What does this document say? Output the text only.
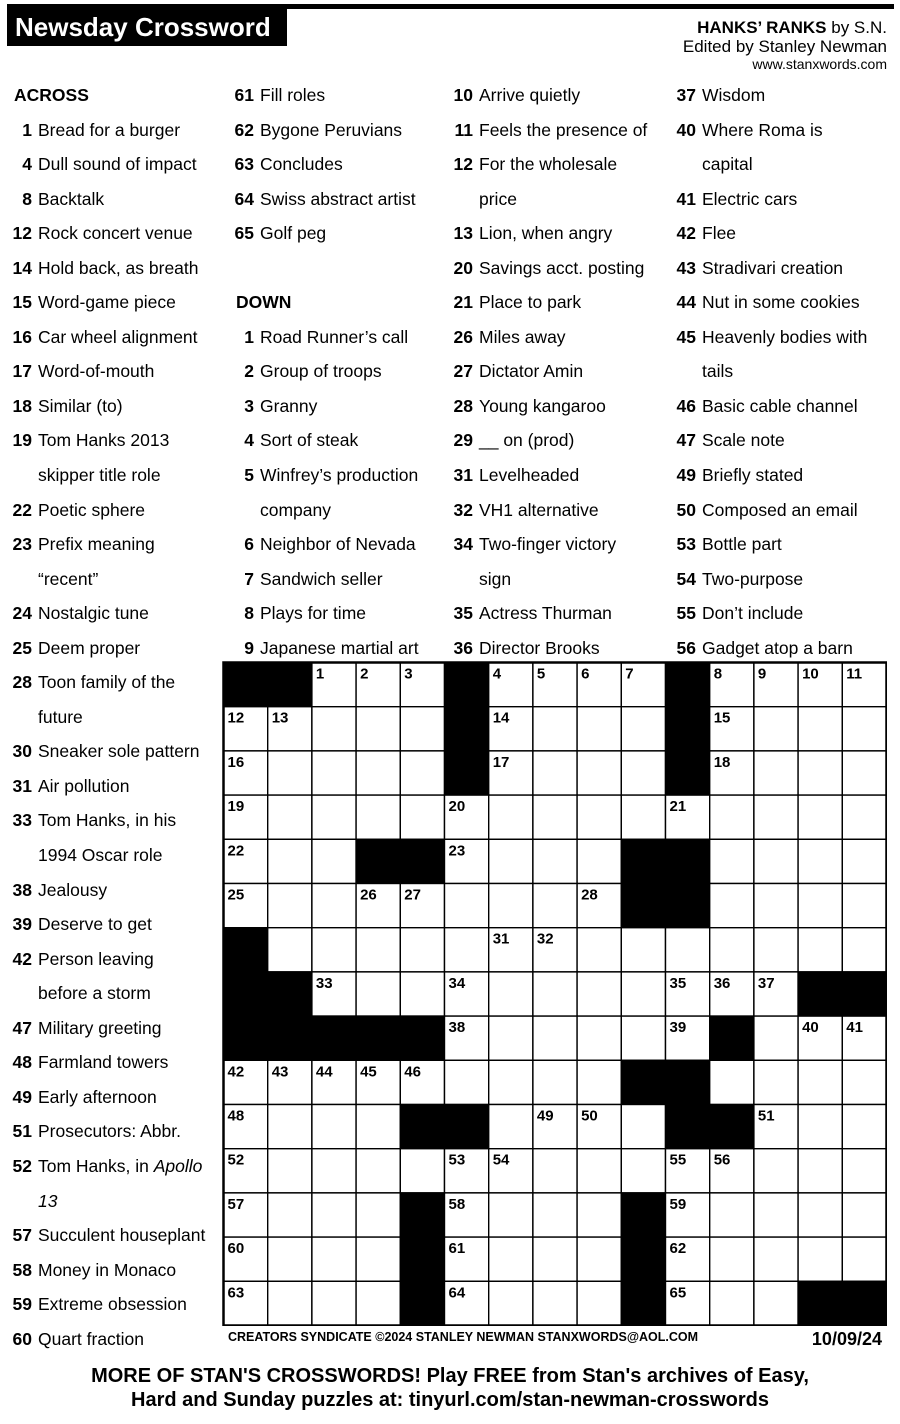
Newsday Crossword	HANKS’ RANKS by S.N.
Edited by Stanley Newman
www.stanxwords.com
ACROSS
1 Bread for a burger
4 Dull sound of impact
8 Backtalk
12 Rock concert venue
14 Hold back, as breath
15 Word-game piece
16 Car wheel alignment
17 Word-of-mouth
18 Similar (to)
19 Tom Hanks 2013
skipper title role
22 Poetic sphere
23 Prefix meaning
“recent”
24 Nostalgic tune
25 Deem proper
28 Toon family of the
future
30 Sneaker sole pattern
31 Air pollution
33 Tom Hanks, in his
1994 Oscar role
38 Jealousy
39 Deserve to get
42 Person leaving
before a storm
47 Military greeting
48 Farmland towers
49 Early afternoon
51 Prosecutors: Abbr.
52 Tom Hanks, in Apollo
13
57 Succulent houseplant
58 Money in Monaco
59 Extreme obsession
60 Quart fraction
61 Fill roles
62 Bygone Peruvians
63 Concludes
64 Swiss abstract artist
65 Golf peg
DOWN
1 Road Runner’s call
2 Group of troops
3 Granny
4 Sort of steak
5 Winfrey’s production
company
6 Neighbor of Nevada
7 Sandwich seller
8 Plays for time
9 Japanese martial art
10 Arrive quietly
11 Feels the presence of
12 For the wholesale
price
13 Lion, when angry
20 Savings acct. posting
21 Place to park
26 Miles away
27 Dictator Amin
28 Young kangaroo
29 __ on (prod)
31 Levelheaded
32 VH1 alternative
34 Two-finger victory
sign
35 Actress Thurman
36 Director Brooks
37 Wisdom
40 Where Roma is
capital
41 Electric cars
42 Flee
43 Stradivari creation
44 Nut in some cookies
45 Heavenly bodies with
tails
46 Basic cable channel
47 Scale note
49 Briefly stated
50 Composed an email
53 Bottle part
54 Two-purpose
55 Don’t include
56 Gadget atop a barn
1 2 3	4 5 6 7	8 9 10 11
12 13	14	15
16	17	18
19	20	21
22	23	24
25	26 27	28 29
30	31 32
33	34	35 36 37
38	39	40 41
42 43 44 45 46	47
48	49 50	51
52	53 54	55 56
57	58	59
60	61	62
63	64	65
CREATORS SYNDICATE ©2024 STANLEY NEWMAN STANXWORDS@AOL.COM	10/09/24
MORE OF STAN'S CROSSWORDS! Play FREE from Stan's archives of Easy,
Hard and Sunday puzzles at: tinyurl.com/stan-newman-crosswords
